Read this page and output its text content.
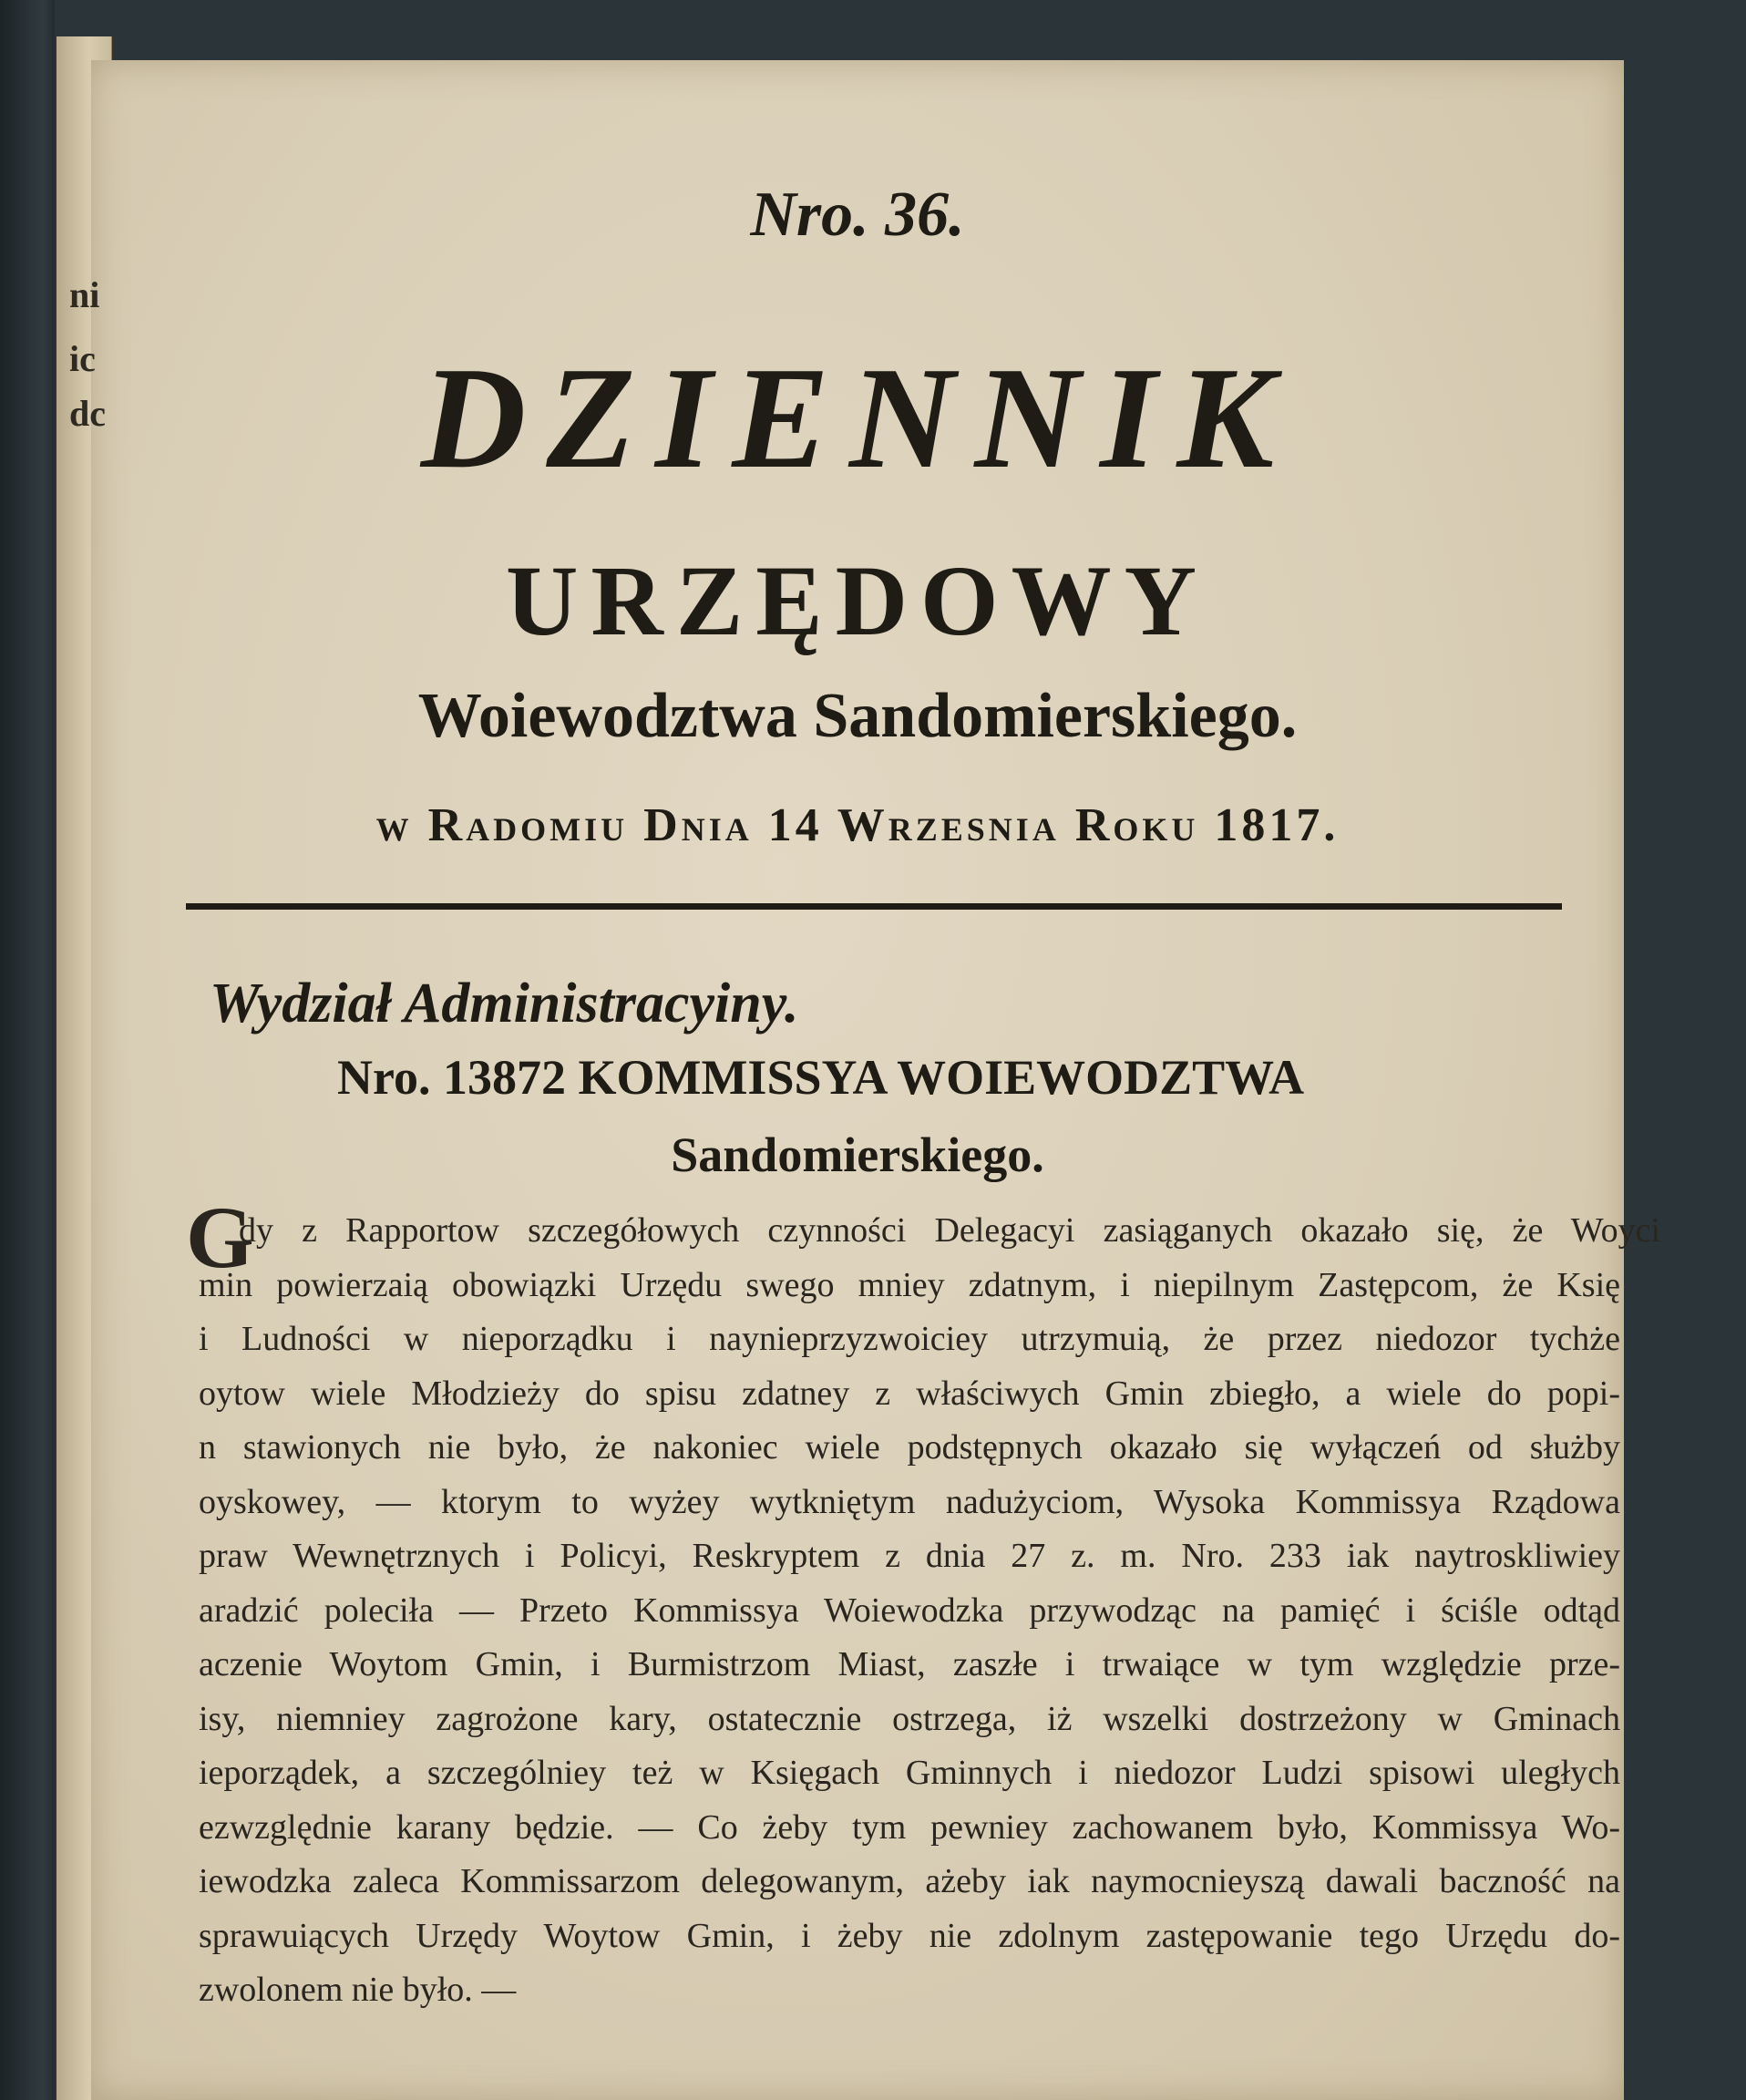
Nro. 36.
DZIENNIK
URZĘDOWY
Woiewodztwa Sandomierskiego.
w Radomiu Dnia 14 Wrzesnia Roku 1817.
Wydział Administracyiny.
Nro. 13872 KOMMISSYA WOIEWODZTWA
Sandomierskiego.
G
dy z Rapportow szczegółowych czynności Delegacyi zasiąganych okazało się, że Woyci
min powierzaią obowiązki Urzędu swego mniey zdatnym, i niepilnym Zastępcom, że Księ
i Ludności w nieporządku i naynieprzyzwoiciey utrzymuią, że przez niedozor tychże
oytow wiele Młodzieży do spisu zdatney z właściwych Gmin zbiegło, a wiele do popi-
n stawionych nie było, że nakoniec wiele podstępnych okazało się wyłączeń od służby
oyskowey, — ktorym to wyżey wytkniętym nadużyciom, Wysoka Kommissya Rządowa
praw Wewnętrznych i Policyi, Reskryptem z dnia 27 z. m. Nro. 233 iak naytroskliwiey
aradzić poleciła — Przeto Kommissya Woiewodzka przywodząc na pamięć i ściśle odtąd
aczenie Woytom Gmin, i Burmistrzom Miast, zaszłe i trwaiące w tym względzie prze-
isy, niemniey zagrożone kary, ostatecznie ostrzega, iż wszelki dostrzeżony w Gminach
ieporządek, a szczególniey też w Księgach Gminnych i niedozor Ludzi spisowi uległych
ezwzględnie karany będzie. — Co żeby tym pewniey zachowanem było, Kommissya Wo-
iewodzka zaleca Kommissarzom delegowanym, ażeby iak naymocnieyszą dawali baczność na
sprawuiących Urzędy Woytow Gmin, i żeby nie zdolnym zastępowanie tego Urzędu do-
zwolonem nie było. —
ni
ic
dc
